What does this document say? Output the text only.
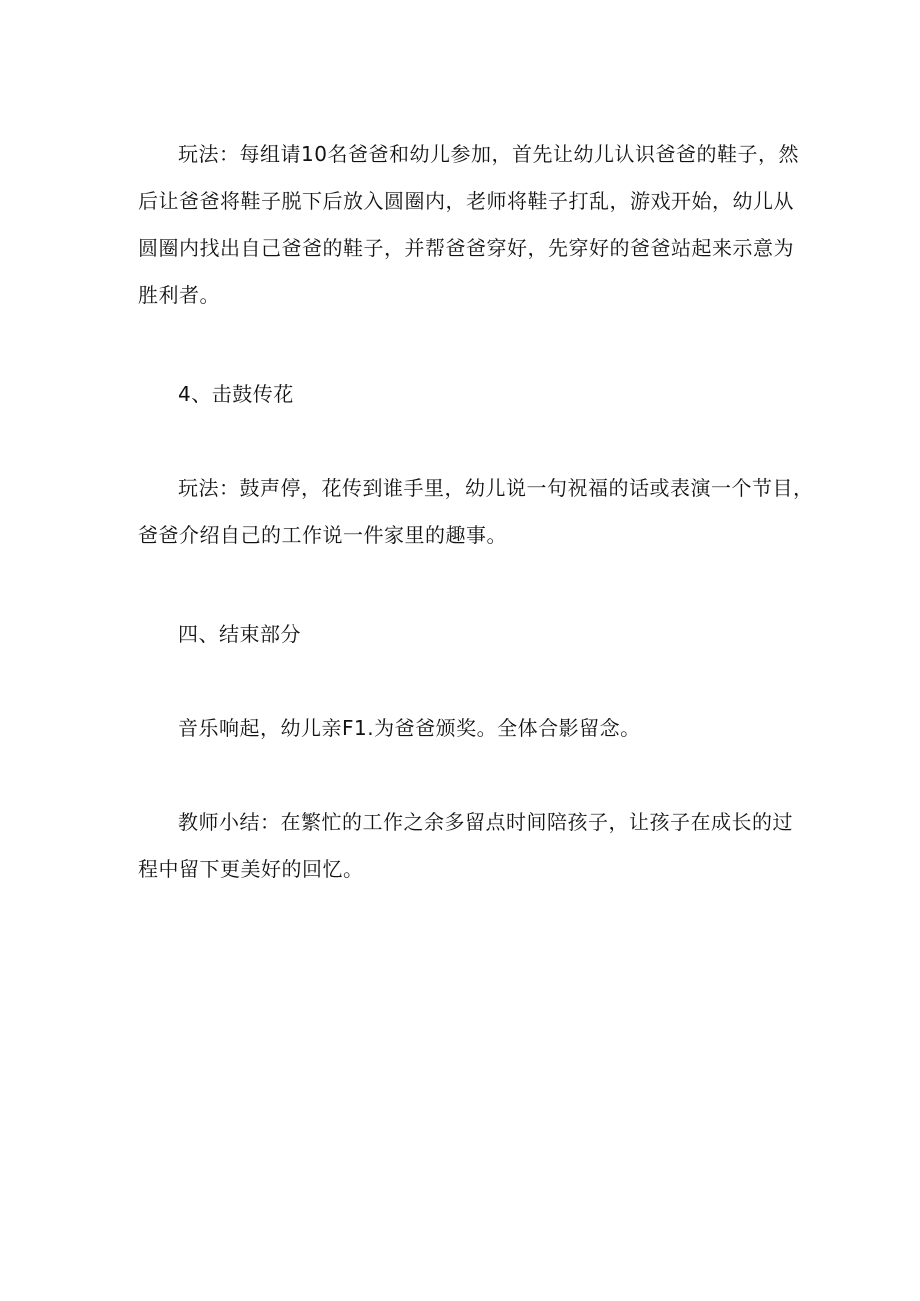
玩法：每组请10名爸爸和幼儿参加，首先让幼儿认识爸爸的鞋子，然
后让爸爸将鞋子脱下后放入圆圈内，老师将鞋子打乱，游戏开始，幼儿从
圆圈内找出自己爸爸的鞋子，并帮爸爸穿好，先穿好的爸爸站起来示意为
胜利者。
4、击鼓传花
玩法：鼓声停，花传到谁手里，幼儿说一句祝福的话或表演一个节目，
爸爸介绍自己的工作说一件家里的趣事。
四、结束部分
音乐响起，幼儿亲F1.为爸爸颁奖。全体合影留念。
教师小结：在繁忙的工作之余多留点时间陪孩子，让孩子在成长的过
程中留下更美好的回忆。
